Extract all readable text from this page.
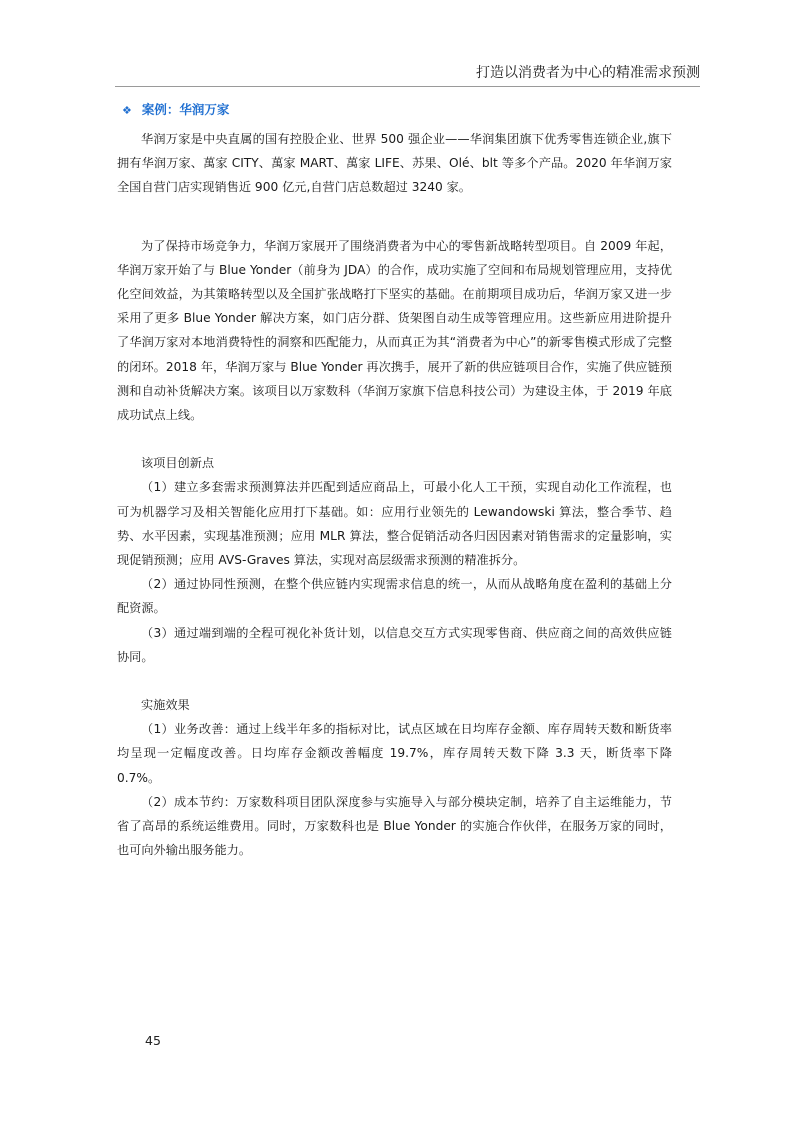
打造以消费者为中心的精准需求预测
❖ 案例：华润万家

华润万家是中央直属的国有控股企业、世界 500 强企业——华润集团旗下优秀零售连锁企业,旗下拥有华润万家、萬家 CITY、萬家 MART、萬家 LIFE、苏果、Olé、blt 等多个产品。2020 年华润万家全国自营门店实现销售近 900 亿元,自营门店总数超过 3240 家。

为了保持市场竞争力，华润万家展开了围绕消费者为中心的零售新战略转型项目。自 2009 年起，华润万家开始了与 Blue Yonder（前身为 JDA）的合作，成功实施了空间和布局规划管理应用，支持优化空间效益，为其策略转型以及全国扩张战略打下坚实的基础。在前期项目成功后，华润万家又进一步采用了更多 Blue Yonder 解决方案，如门店分群、货架图自动生成等管理应用。这些新应用进阶提升了华润万家对本地消费特性的洞察和匹配能力，从而真正为其“消费者为中心”的新零售模式形成了完整的闭环。2018 年，华润万家与 Blue Yonder 再次携手，展开了新的供应链项目合作，实施了供应链预测和自动补货解决方案。该项目以万家数科（华润万家旗下信息科技公司）为建设主体，于 2019 年底成功试点上线。

该项目创新点

（1）建立多套需求预测算法并匹配到适应商品上，可最小化人工干预，实现自动化工作流程，也可为机器学习及相关智能化应用打下基础。如：应用行业领先的 Lewandowski 算法，整合季节、趋势、水平因素，实现基准预测；应用 MLR 算法，整合促销活动各归因因素对销售需求的定量影响，实现促销预测；应用 AVS-Graves 算法，实现对高层级需求预测的精准拆分。

（2）通过协同性预测，在整个供应链内实现需求信息的统一，从而从战略角度在盈利的基础上分配资源。

（3）通过端到端的全程可视化补货计划，以信息交互方式实现零售商、供应商之间的高效供应链协同。

实施效果

（1）业务改善：通过上线半年多的指标对比，试点区域在日均库存金额、库存周转天数和断货率均呈现一定幅度改善。日均库存金额改善幅度 19.7%，库存周转天数下降 3.3 天，断货率下降 0.7%。

（2）成本节约：万家数科项目团队深度参与实施导入与部分模块定制，培养了自主运维能力，节省了高昂的系统运维费用。同时，万家数科也是 Blue Yonder 的实施合作伙伴，在服务万家的同时，也可向外输出服务能力。

45
